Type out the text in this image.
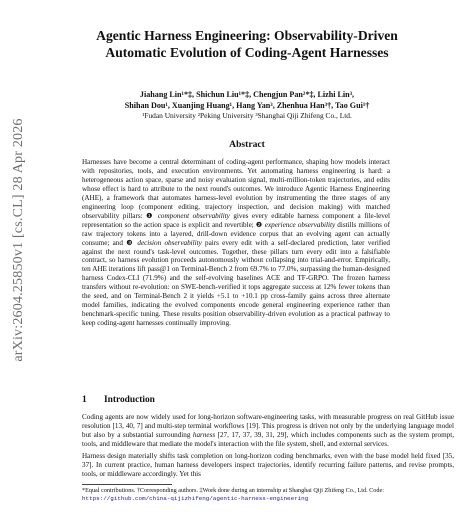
arXiv:2604.25850v1 [cs.CL] 28 Apr 2026
Agentic Harness Engineering: Observability-Driven
Automatic Evolution of Coding-Agent Harnesses
Jiahang Lin¹*‡, Shichun Liu¹*‡, Chengjun Pan²*‡, Lizhi Lin³,
Shihan Dou¹, Xuanjing Huang¹, Hang Yan³, Zhenhua Han³†, Tao Gui¹†
¹Fudan University ²Peking University ³Shanghai Qiji Zhifeng Co., Ltd.
Abstract

Harnesses have become a central determinant of coding-agent performance, shaping how models interact with repositories, tools, and execution environments. Yet automating harness engineering is hard: a heterogeneous action space, sparse and noisy evaluation signal, multi-million-token trajectories, and edits whose effect is hard to attribute to the next round's outcomes. We introduce Agentic Harness Engineering (AHE), a framework that automates harness-level evolution by instrumenting the three stages of any engineering loop (component editing, trajectory inspection, and decision making) with matched observability pillars: ❶ component observability gives every editable harness component a file-level representation so the action space is explicit and revertible; ❷ experience observability distills millions of raw trajectory tokens into a layered, drill-down evidence corpus that an evolving agent can actually consume; and ❸ decision observability pairs every edit with a self-declared prediction, later verified against the next round's task-level outcomes. Together, these pillars turn every edit into a falsifiable contract, so harness evolution proceeds autonomously without collapsing into trial-and-error. Empirically, ten AHE iterations lift pass@1 on Terminal-Bench 2 from 69.7% to 77.0%, surpassing the human-designed harness Codex-CLI (71.9%) and the self-evolving baselines ACE and TF-GRPO. The frozen harness transfers without re-evolution: on SWE-bench-verified it tops aggregate success at 12% fewer tokens than the seed, and on Terminal-Bench 2 it yields +5.1 to +10.1 pp cross-family gains across three alternate model families, indicating the evolved components encode general engineering experience rather than benchmark-specific tuning. These results position observability-driven evolution as a practical pathway to keep coding-agent harnesses continually improving.

1 Introduction

Coding agents are now widely used for long-horizon software-engineering tasks, with measurable progress on real GitHub issue resolution [13, 40, 7] and multi-step terminal workflows [19]. This progress is driven not only by the underlying language model but also by a substantial surrounding harness [27, 17, 37, 39, 31, 29], which includes components such as the system prompt, tools, and middleware that mediate the model's interaction with the file system, shell, and external services.

Harness design materially shifts task completion on long-horizon coding benchmarks, even with the base model held fixed [35, 37]. In current practice, human harness developers inspect trajectories, identify recurring failure patterns, and revise prompts, tools, or middleware accordingly. Yet this

*Equal contributions. †Corresponding authors. ‡Work done during an internship at Shanghai Qiji Zhifeng Co., Ltd. Code:
https://github.com/china-qijizhifeng/agentic-harness-engineering
